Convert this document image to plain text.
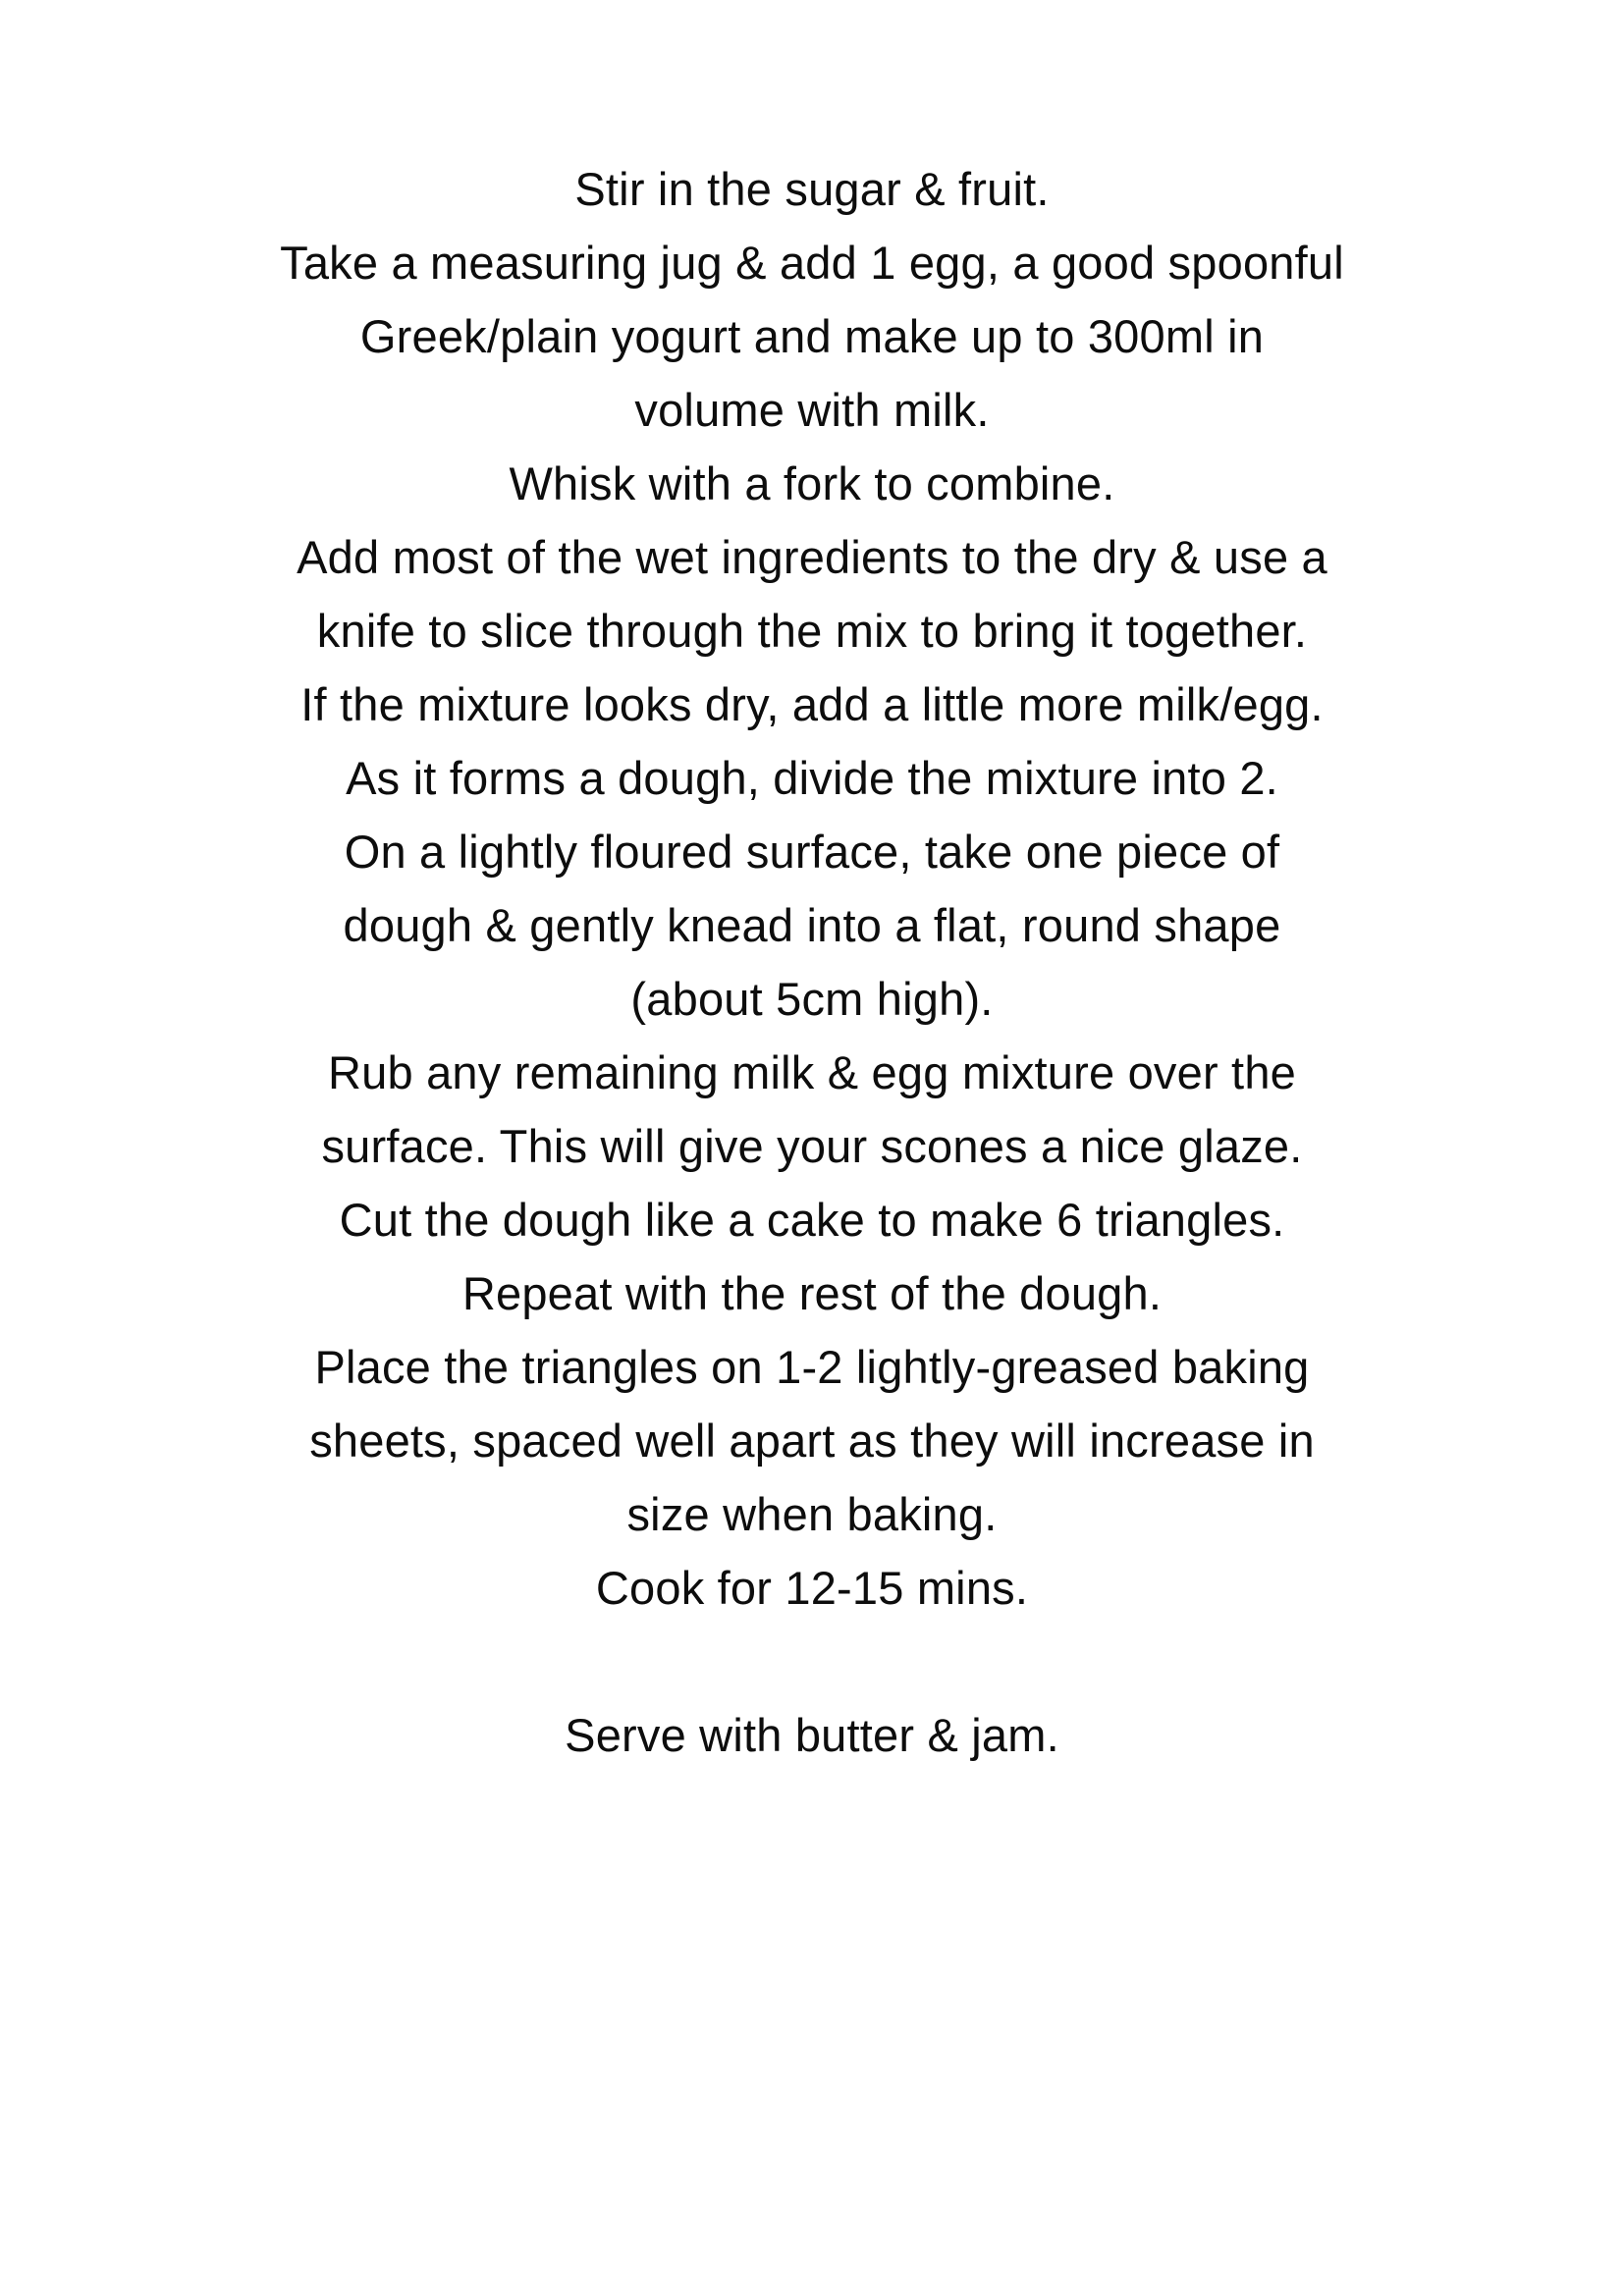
Stir in the sugar & fruit.
Take a measuring jug & add 1 egg, a good spoonful
Greek/plain yogurt and make up to 300ml in
volume with milk.
Whisk with a fork to combine.
Add most of the wet ingredients to the dry & use a
knife to slice through the mix to bring it together.
If the mixture looks dry, add a little more milk/egg.
As it forms a dough, divide the mixture into 2.
On a lightly floured surface, take one piece of
dough & gently knead into a flat, round shape
(about 5cm high).
Rub any remaining milk & egg mixture over the
surface. This will give your scones a nice glaze.
Cut the dough like a cake to make 6 triangles.
Repeat with the rest of the dough.
Place the triangles on 1-2 lightly-greased baking
sheets, spaced well apart as they will increase in
size when baking.
Cook for 12-15 mins.
Serve with butter & jam.
